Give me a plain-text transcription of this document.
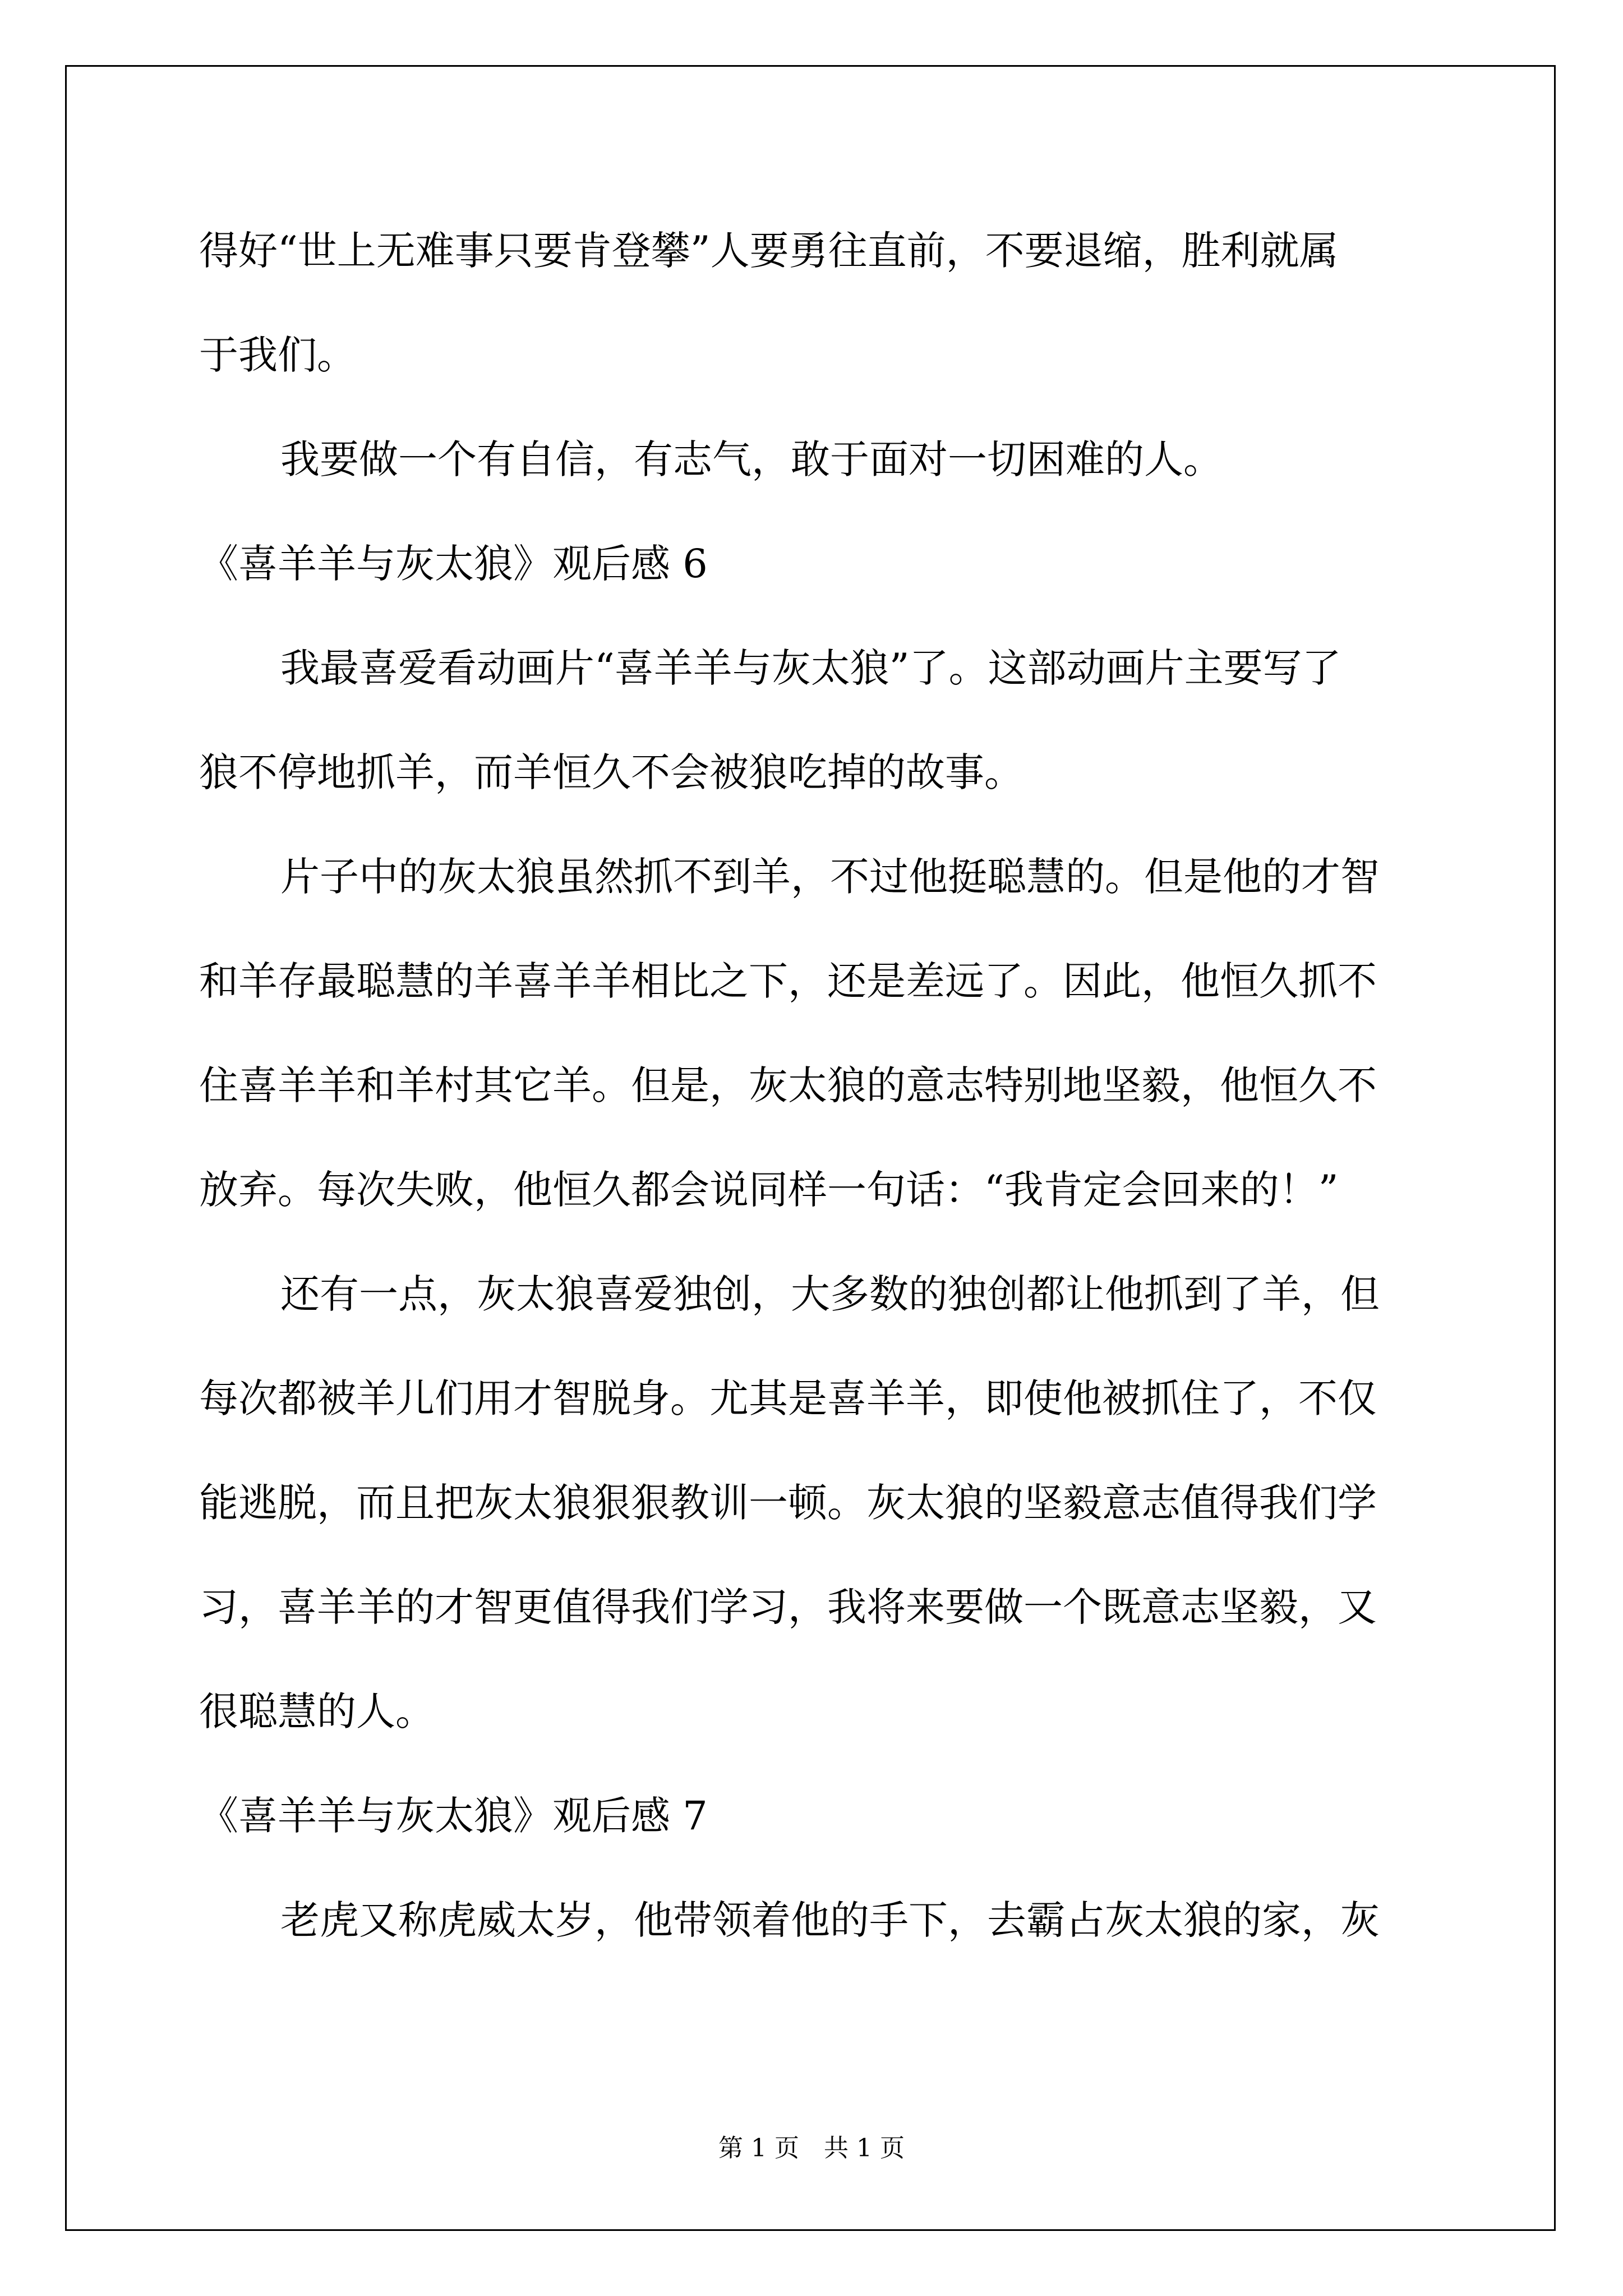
得好“世上无难事只要肯登攀”人要勇往直前，不要退缩，胜利就属
于我们。
我要做一个有自信，有志气，敢于面对一切困难的人。
《喜羊羊与灰太狼》观后感 6
我最喜爱看动画片“喜羊羊与灰太狼”了。这部动画片主要写了
狼不停地抓羊，而羊恒久不会被狼吃掉的故事。
片子中的灰太狼虽然抓不到羊，不过他挺聪慧的。但是他的才智
和羊存最聪慧的羊喜羊羊相比之下，还是差远了。因此，他恒久抓不
住喜羊羊和羊村其它羊。但是，灰太狼的意志特别地坚毅，他恒久不
放弃。每次失败，他恒久都会说同样一句话：“我肯定会回来的！”
还有一点，灰太狼喜爱独创，大多数的独创都让他抓到了羊，但
每次都被羊儿们用才智脱身。尤其是喜羊羊，即使他被抓住了，不仅
能逃脱，而且把灰太狼狠狠教训一顿。灰太狼的坚毅意志值得我们学
习，喜羊羊的才智更值得我们学习，我将来要做一个既意志坚毅，又
很聪慧的人。
《喜羊羊与灰太狼》观后感 7
老虎又称虎威太岁，他带领着他的手下，去霸占灰太狼的家，灰
第 1 页　共 1 页
